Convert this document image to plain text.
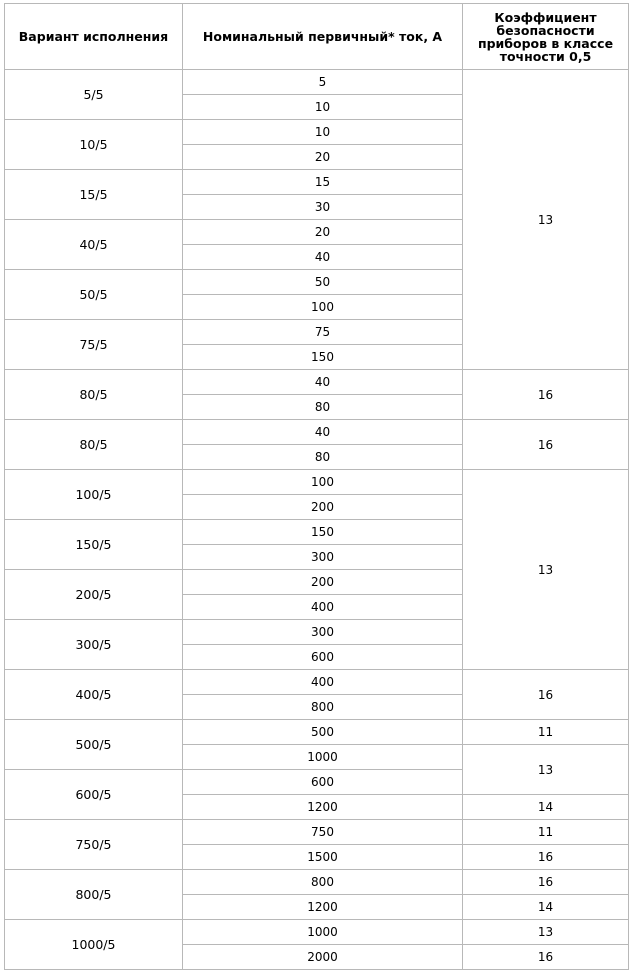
Вариант исполнения	Номинальный первичный* ток, А	Коэффициент безопасности приборов в классе точности 0,5
5/5	5	13
	10	
10/5	10	
	20	
15/5	15	
	30	
40/5	20	
	40	
50/5	50	
	100	
75/5	75	
	150	
80/5	40	16
	80	
80/5	40	16
	80	
100/5	100	13
	200	
150/5	150	
	300	
200/5	200	
	400	
300/5	300	
	600	
400/5	400	16
	800	
500/5	500	11
	1000	13
600/5	600	
	1200	14
750/5	750	11
	1500	16
800/5	800	16
	1200	14
1000/5	1000	13
	2000	16
